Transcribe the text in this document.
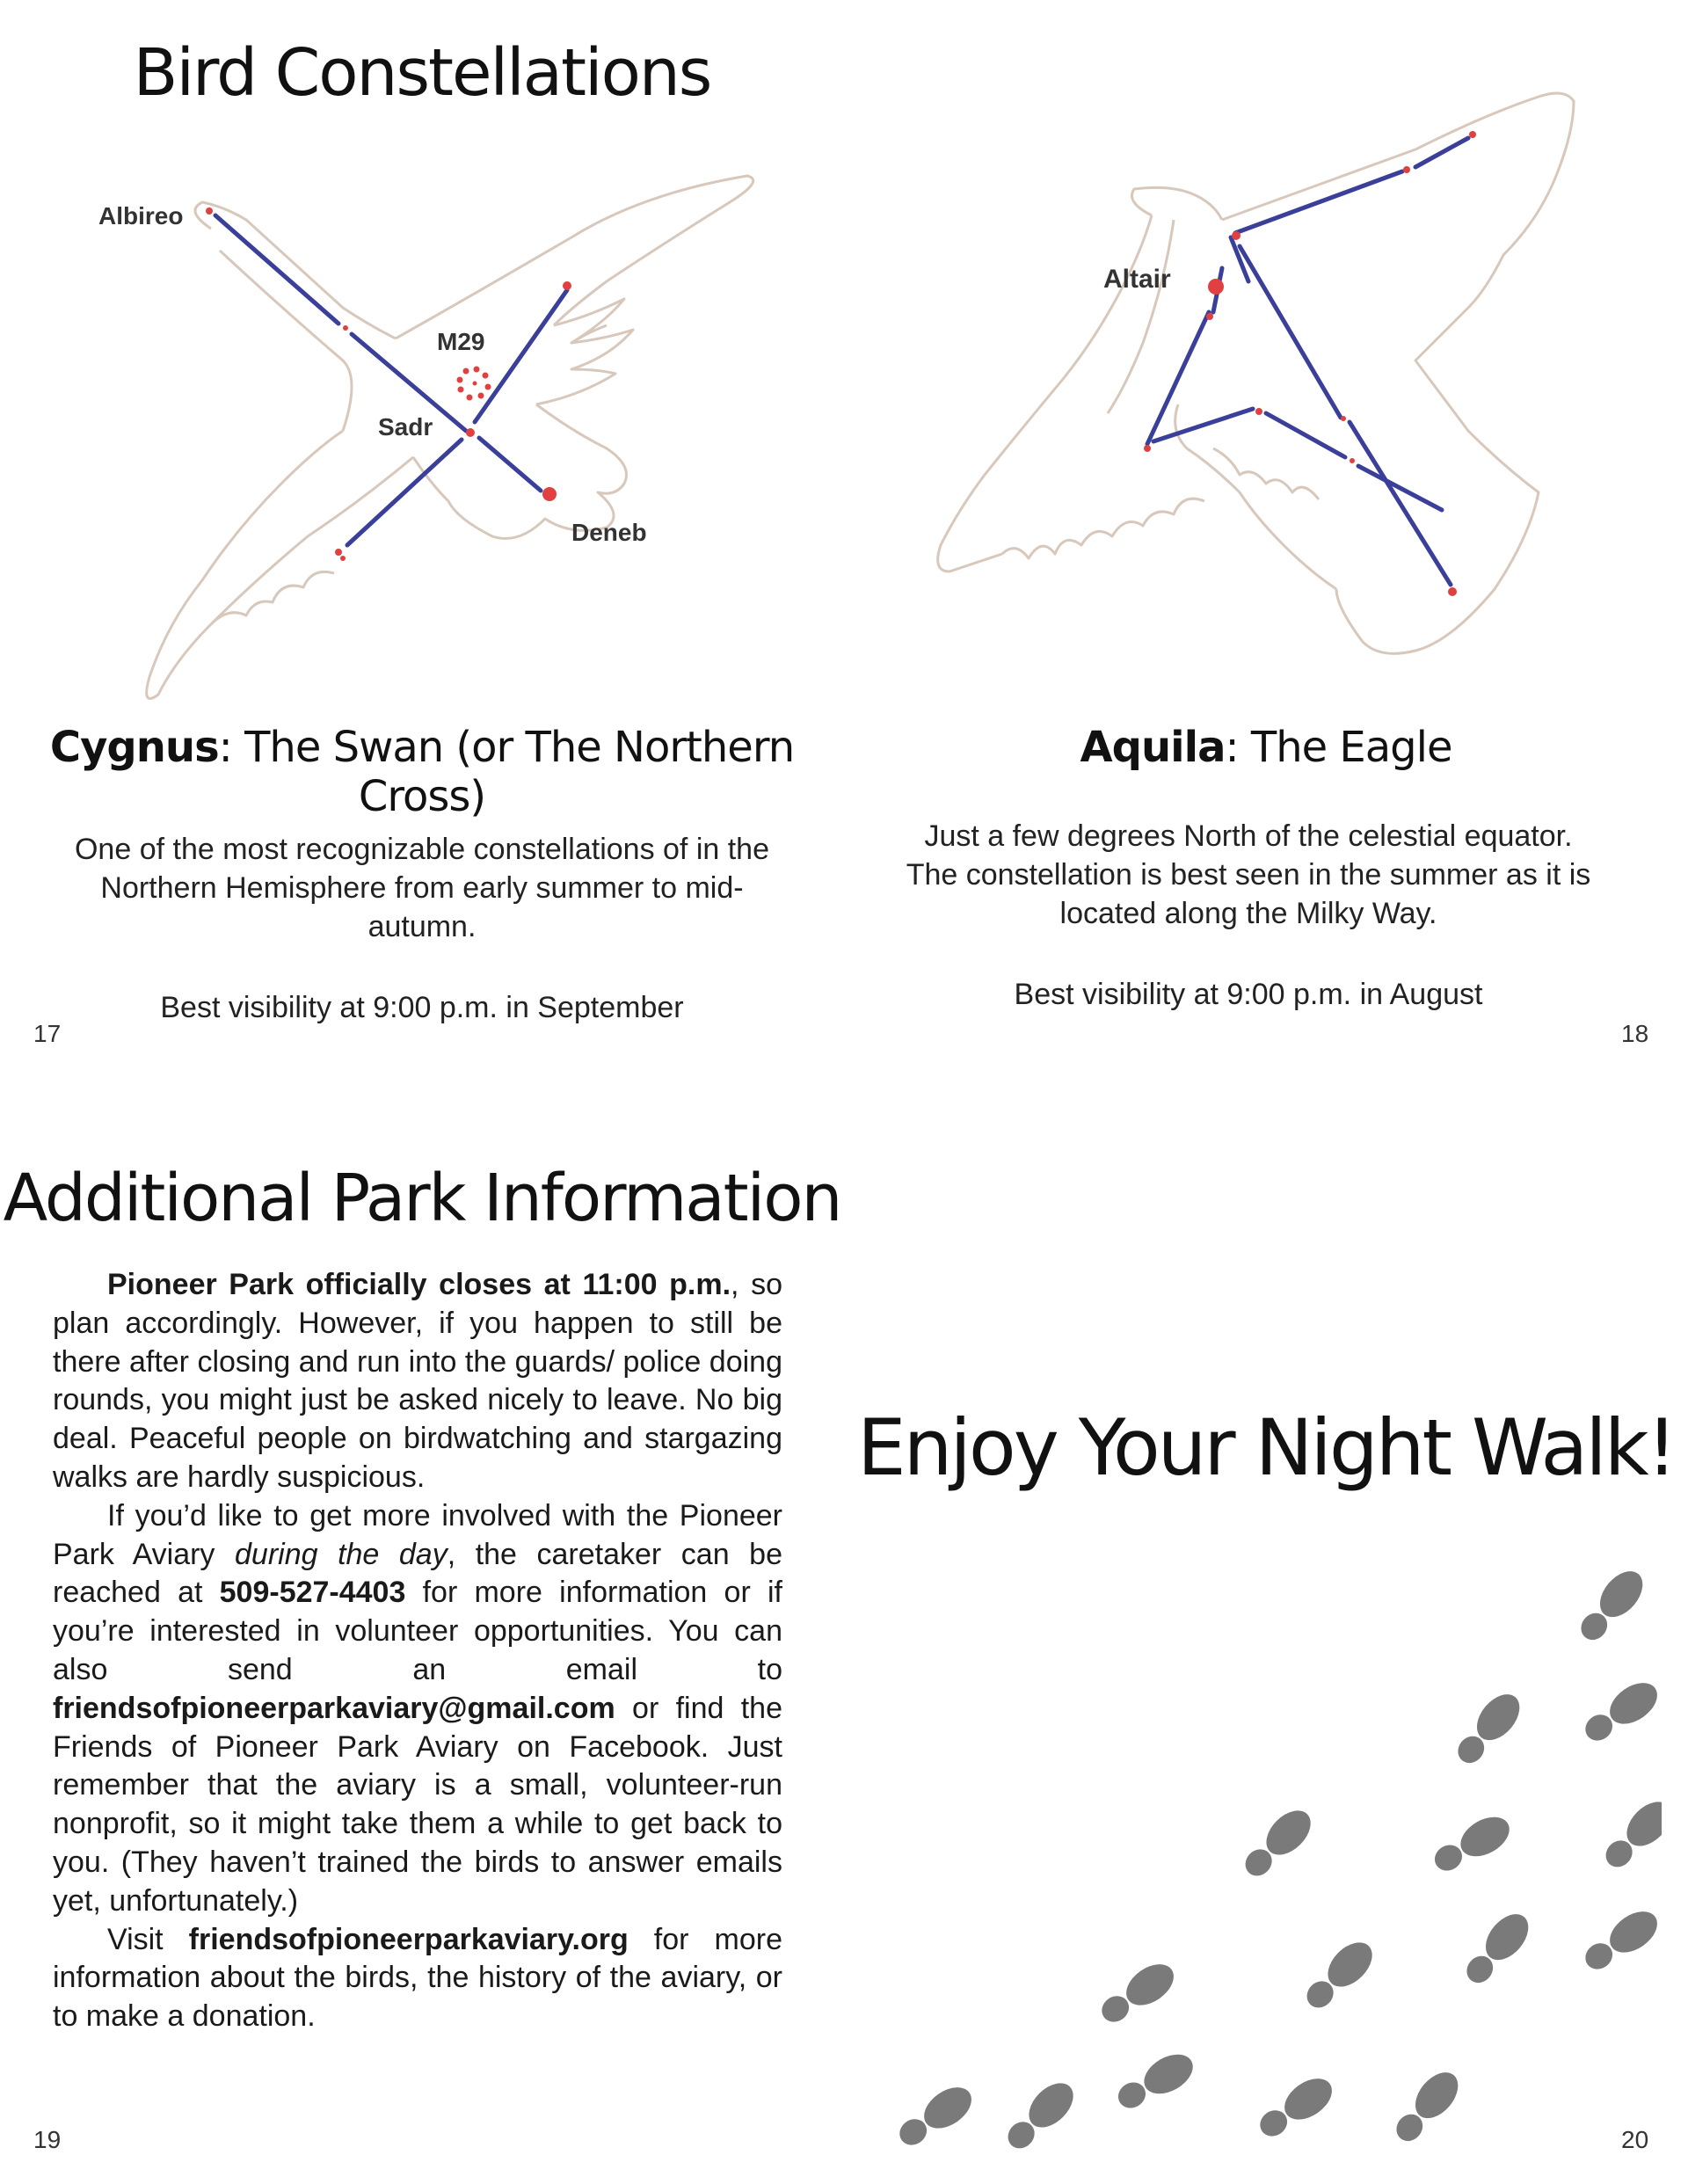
Bird Constellations
Albireo
M29
Sadr
Deneb
Cygnus: The Swan (or The Northern Cross)
One of the most recognizable constellations of in the Northern Hemisphere from early summer to mid-autumn.
Best visibility at 9:00 p.m. in September
17
Altair
Aquila: The Eagle
Just a few degrees North of the celestial equator. The constellation is best seen in the summer as it is located along the Milky Way.
Best visibility at 9:00 p.m. in August
18
Additional Park Information

Pioneer Park officially closes at 11:00 p.m., so plan accordingly. However, if you happen to still be there after closing and run into the guards/ police doing rounds, you might just be asked nicely to leave. No big deal. Peaceful people on birdwatching and stargazing walks are hardly suspicious.

If you’d like to get more involved with the Pioneer Park Aviary during the day, the caretaker can be reached at 509-527-4403 for more information or if you’re interested in volunteer opportunities. You can also send an email to friendsofpioneerparkaviary@gmail.com or find the Friends of Pioneer Park Aviary on Facebook. Just remember that the aviary is a small, volunteer-run nonprofit, so it might take them a while to get back to you. (They haven’t trained the birds to answer emails yet, unfortunately.)

Visit friendsofpioneerparkaviary.org for more information about the birds, the history of the aviary, or to make a donation.

19
Enjoy Your Night Walk!
20
